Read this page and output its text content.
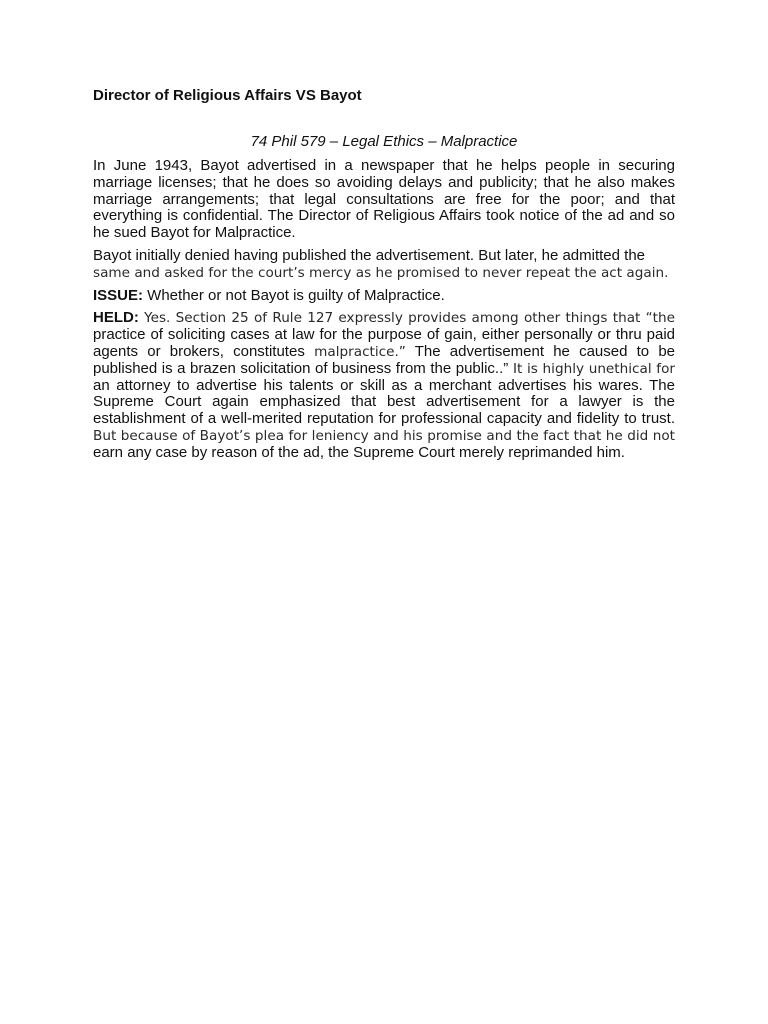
Director of Religious Affairs VS Bayot
74 Phil 579 – Legal Ethics – Malpractice

In June 1943, Bayot advertised in a newspaper that he helps people in securing marriage licenses; that he does so avoiding delays and publicity; that he also makes marriage arrangements; that legal consultations are free for the poor; and that everything is confidential. The Director of Religious Affairs took notice of the ad and so he sued Bayot for Malpractice.

Bayot initially denied having published the advertisement. But later, he admitted the
same and asked for the court’s mercy as he promised to never repeat the act again.

ISSUE: Whether or not Bayot is guilty of Malpractice.

HELD: Yes. Section 25 of Rule 127 expressly provides among other things that “the practice of soliciting cases at law for the purpose of gain, either personally or thru paid agents or brokers, constitutes malpractice.” The advertisement he caused to be published is a brazen solicitation of business from the public..” It is highly unethical for an attorney to advertise his talents or skill as a merchant advertises his wares. The Supreme Court again emphasized that best advertisement for a lawyer is the establishment of a well-merited reputation for professional capacity and fidelity to trust. But because of Bayot’s plea for leniency and his promise and the fact that he did not earn any case by reason of the ad, the Supreme Court merely reprimanded him.
